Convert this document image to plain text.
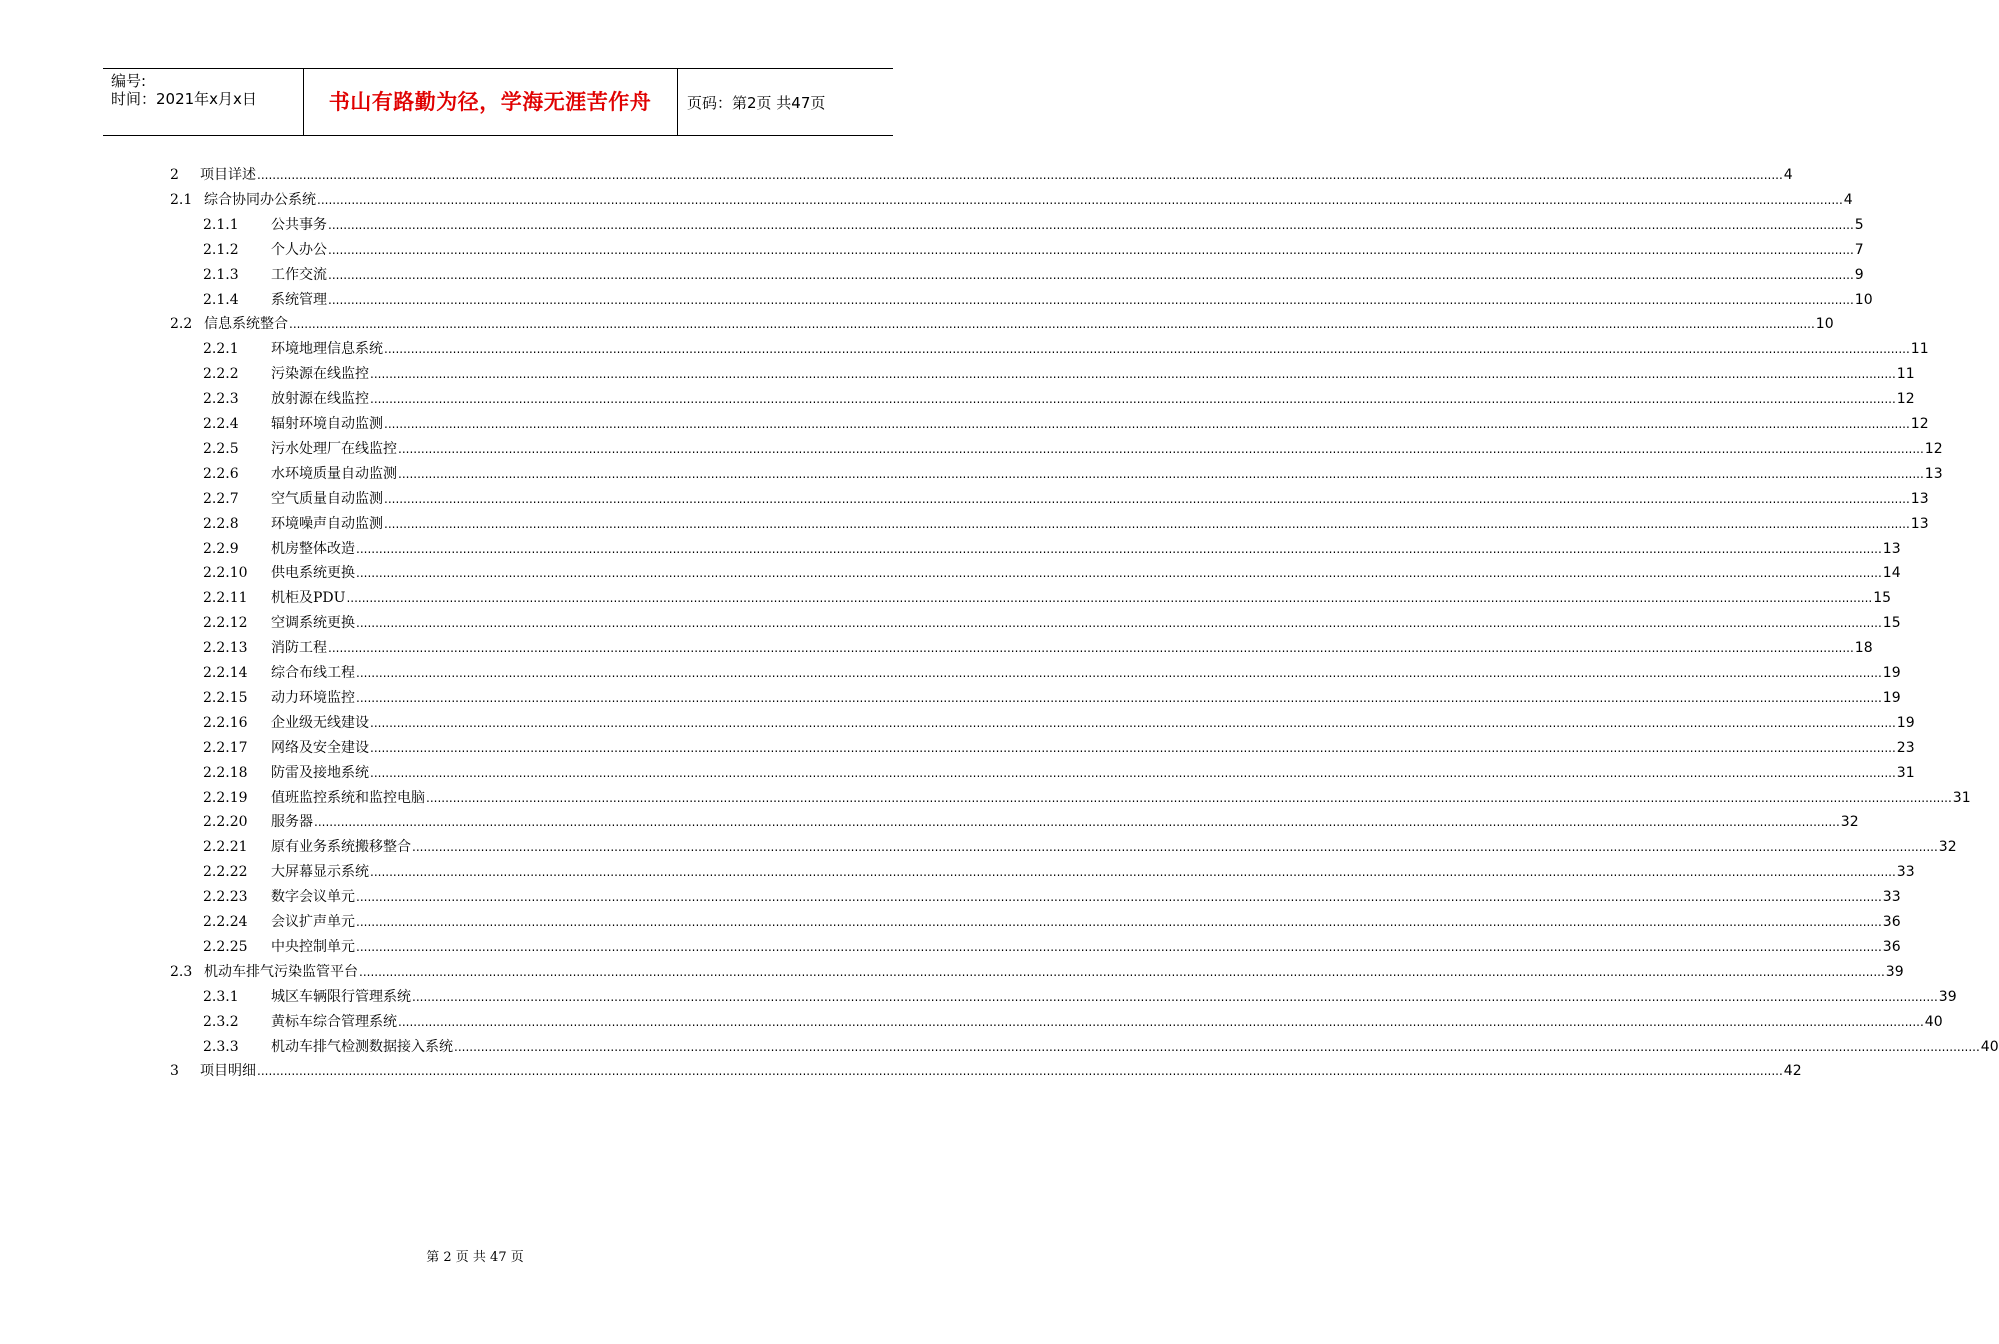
编号:
时间：2021年x月x日	书山有路勤为径，学海无涯苦作舟	页码：第2页 共47页
2	项目详述 ................................................................................................................................................................................................................................................................................................................................................................................................................ 4
2.1 综合协同办公系统 ................................................................................................................................................................................................................................................................................................................................................................................................................ 4
2.1.1	公共事务 ................................................................................................................................................................................................................................................................................................................................................................................................................ 5
2.1.2	个人办公 ................................................................................................................................................................................................................................................................................................................................................................................................................ 7
2.1.3	工作交流 ................................................................................................................................................................................................................................................................................................................................................................................................................ 9
2.1.4	系统管理 ................................................................................................................................................................................................................................................................................................................................................................................................................ 10
2.2 信息系统整合 ................................................................................................................................................................................................................................................................................................................................................................................................................ 10
2.2.1	环境地理信息系统 ................................................................................................................................................................................................................................................................................................................................................................................................................ 11
2.2.2	污染源在线监控 ................................................................................................................................................................................................................................................................................................................................................................................................................ 11
2.2.3	放射源在线监控 ................................................................................................................................................................................................................................................................................................................................................................................................................ 12
2.2.4	辐射环境自动监测 ................................................................................................................................................................................................................................................................................................................................................................................................................ 12
2.2.5	污水处理厂在线监控 ................................................................................................................................................................................................................................................................................................................................................................................................................ 12
2.2.6	水环境质量自动监测 ................................................................................................................................................................................................................................................................................................................................................................................................................ 13
2.2.7	空气质量自动监测 ................................................................................................................................................................................................................................................................................................................................................................................................................ 13
2.2.8	环境噪声自动监测 ................................................................................................................................................................................................................................................................................................................................................................................................................ 13
2.2.9	机房整体改造 ................................................................................................................................................................................................................................................................................................................................................................................................................ 13
2.2.10	供电系统更换 ................................................................................................................................................................................................................................................................................................................................................................................................................ 14
2.2.11	机柜及PDU ................................................................................................................................................................................................................................................................................................................................................................................................................ 15
2.2.12	空调系统更换 ................................................................................................................................................................................................................................................................................................................................................................................................................ 15
2.2.13	消防工程 ................................................................................................................................................................................................................................................................................................................................................................................................................ 18
2.2.14	综合布线工程 ................................................................................................................................................................................................................................................................................................................................................................................................................ 19
2.2.15	动力环境监控 ................................................................................................................................................................................................................................................................................................................................................................................................................ 19
2.2.16	企业级无线建设 ................................................................................................................................................................................................................................................................................................................................................................................................................ 19
2.2.17	网络及安全建设 ................................................................................................................................................................................................................................................................................................................................................................................................................ 23
2.2.18	防雷及接地系统 ................................................................................................................................................................................................................................................................................................................................................................................................................ 31
2.2.19	值班监控系统和监控电脑 ................................................................................................................................................................................................................................................................................................................................................................................................................ 31
2.2.20	服务器 ................................................................................................................................................................................................................................................................................................................................................................................................................ 32
2.2.21	原有业务系统搬移整合 ................................................................................................................................................................................................................................................................................................................................................................................................................ 32
2.2.22	大屏幕显示系统 ................................................................................................................................................................................................................................................................................................................................................................................................................ 33
2.2.23	数字会议单元 ................................................................................................................................................................................................................................................................................................................................................................................................................ 33
2.2.24	会议扩声单元 ................................................................................................................................................................................................................................................................................................................................................................................................................ 36
2.2.25	中央控制单元 ................................................................................................................................................................................................................................................................................................................................................................................................................ 36
2.3 机动车排气污染监管平台 ................................................................................................................................................................................................................................................................................................................................................................................................................ 39
2.3.1	城区车辆限行管理系统 ................................................................................................................................................................................................................................................................................................................................................................................................................ 39
2.3.2	黄标车综合管理系统 ................................................................................................................................................................................................................................................................................................................................................................................................................ 40
2.3.3	机动车排气检测数据接入系统 ................................................................................................................................................................................................................................................................................................................................................................................................................ 40
3	项目明细 ................................................................................................................................................................................................................................................................................................................................................................................................................ 42
第 2 页 共 47 页
